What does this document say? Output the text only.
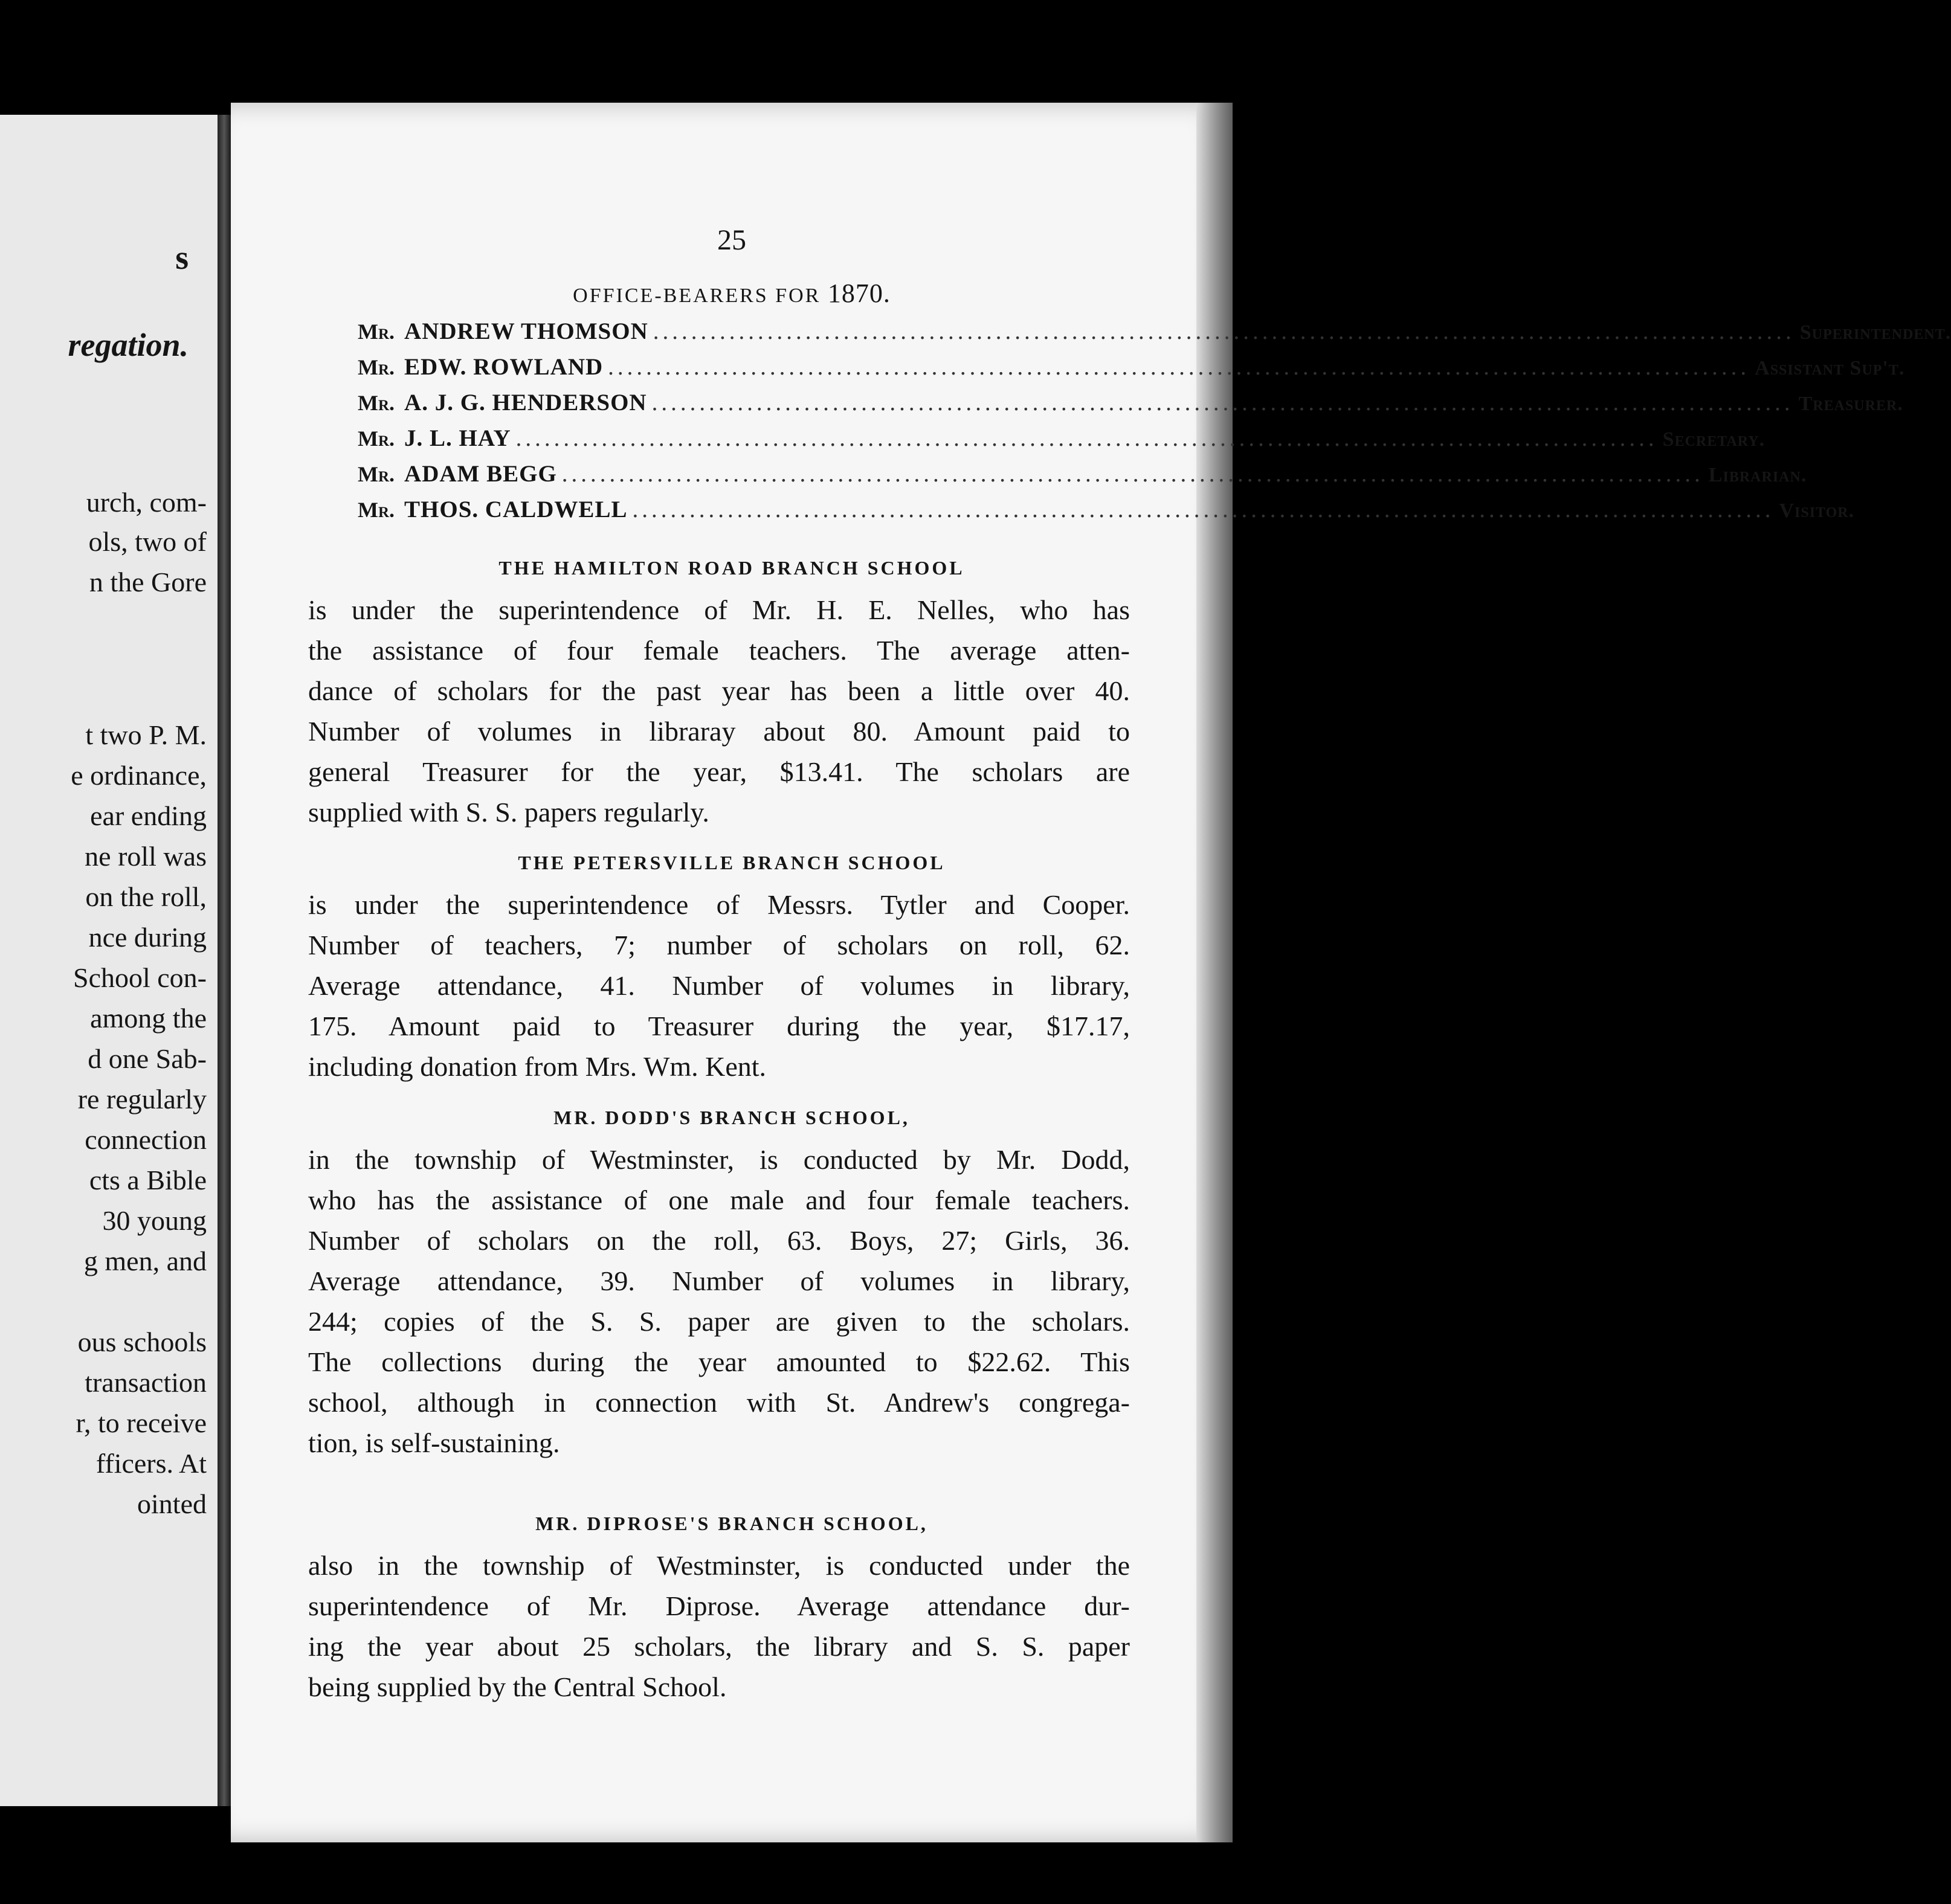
s
regation.
urch, com-
ols, two of
n the Gore
t two P. M.
e ordinance,
ear ending
ne roll was
on the roll,
nce during
School con-
among the
d one Sab-
re regularly
connection
cts a Bible
30 young
g men, and
ous schools
transaction
r, to receive
fficers. At
ointed
25
OFFICE-BEARERS FOR 1870.
Mr. ANDREW THOMSON ........................................................................................................................ Superintendent.
Mr. EDW. ROWLAND ........................................................................................................................ Assistant Sup't.
Mr. A. J. G. HENDERSON ........................................................................................................................ Treasurer.
Mr. J. L. HAY ........................................................................................................................ Secretary.
Mr. ADAM BEGG ........................................................................................................................ Librarian.
Mr. THOS. CALDWELL ........................................................................................................................ Visitor.
THE HAMILTON ROAD BRANCH SCHOOL
is under the superintendence of Mr. H. E. Nelles, who has
the assistance of four female teachers. The average atten-
dance of scholars for the past year has been a little over 40.
Number of volumes in libraray about 80. Amount paid to
general Treasurer for the year, $13.41. The scholars are
supplied with S. S. papers regularly.
THE PETERSVILLE BRANCH SCHOOL
is under the superintendence of Messrs. Tytler and Cooper.
Number of teachers, 7; number of scholars on roll, 62.
Average attendance, 41. Number of volumes in library,
175. Amount paid to Treasurer during the year, $17.17,
including donation from Mrs. Wm. Kent.
MR. DODD'S BRANCH SCHOOL,
in the township of Westminster, is conducted by Mr. Dodd,
who has the assistance of one male and four female teachers.
Number of scholars on the roll, 63. Boys, 27; Girls, 36.
Average attendance, 39. Number of volumes in library,
244; copies of the S. S. paper are given to the scholars.
The collections during the year amounted to $22.62. This
school, although in connection with St. Andrew's congrega-
tion, is self-sustaining.
MR. DIPROSE'S BRANCH SCHOOL,
also in the township of Westminster, is conducted under the
superintendence of Mr. Diprose. Average attendance dur-
ing the year about 25 scholars, the library and S. S. paper
being supplied by the Central School.
